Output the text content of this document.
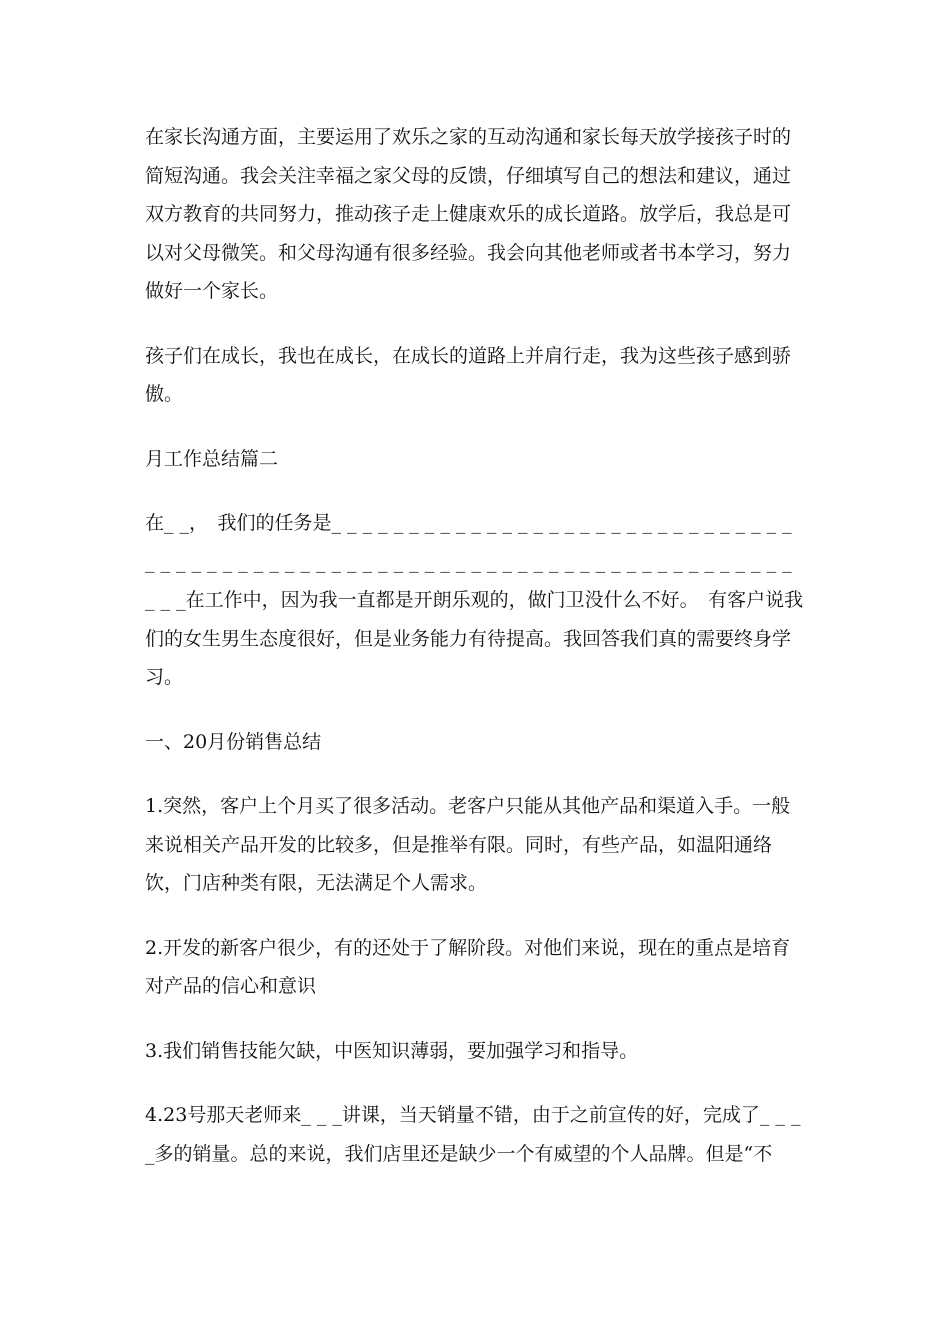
在家长沟通方面，主要运用了欢乐之家的互动沟通和家长每天放学接孩子时的简短沟通。我会关注幸福之家父母的反馈，仔细填写自己的想法和建议，通过双方教育的共同努力，推动孩子走上健康欢乐的成长道路。放学后，我总是可以对父母微笑。和父母沟通有很多经验。我会向其他老师或者书本学习，努力做好一个家长。

孩子们在成长，我也在成长，在成长的道路上并肩行走，我为这些孩子感到骄傲。

月工作总结篇二

在_ _，　我们的任务是_ _ _ _ _ _ _ _ _ _ _ _ _ _ _ _ _ _ _ _ _ _ _ _ _ _ _ _ _ _ _ _ _ _ _ _ _ _ _ _ _ _ _ _ _ _ _ _ _ _ _ _ _ _ _ _ _ _ _ _ _ _ _ _ _ _ _ _ _ _ _ _ _ _ _在工作中，因为我一直都是开朗乐观的，做门卫没什么不好。　有客户说我们的女生男生态度很好，但是业务能力有待提高。我回答我们真的需要终身学习。

一、20月份销售总结

1.突然，客户上个月买了很多活动。老客户只能从其他产品和渠道入手。一般来说相关产品开发的比较多，但是推举有限。同时，有些产品，如温阳通络饮，门店种类有限，无法满足个人需求。

2.开发的新客户很少，有的还处于了解阶段。对他们来说，现在的重点是培育对产品的信心和意识

3.我们销售技能欠缺，中医知识薄弱，要加强学习和指导。

4.23号那天老师来_ _ _讲课，当天销量不错，由于之前宣传的好，完成了_ _ _ _多的销量。总的来说，我们店里还是缺少一个有威望的个人品牌。但是“不
